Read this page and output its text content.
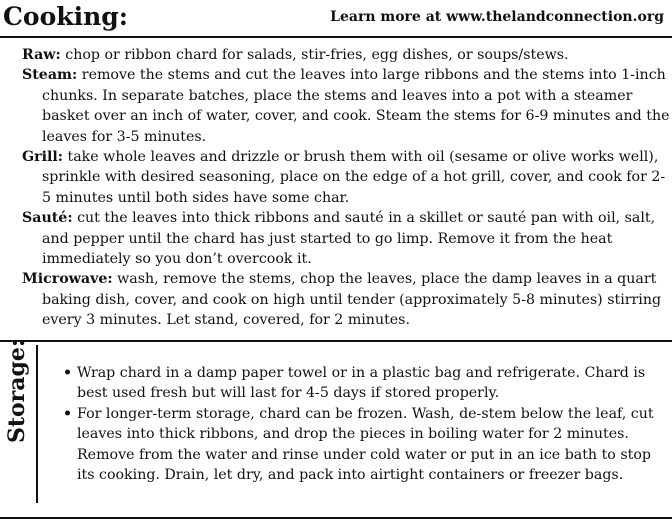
Cooking:	Learn more at www.thelandconnection.org

Raw: chop or ribbon chard for salads, stir-fries, egg dishes, or soups/stews.

Steam: remove the stems and cut the leaves into large ribbons and the stems into 1-inch chunks. In separate batches, place the stems and leaves into a pot with a steamer basket over an inch of water, cover, and cook. Steam the stems for 6-9 minutes and the leaves for 3-5 minutes.

Grill: take whole leaves and drizzle or brush them with oil (sesame or olive works well), sprinkle with desired seasoning, place on the edge of a hot grill, cover, and cook for 2-5 minutes until both sides have some char.

Sauté: cut the leaves into thick ribbons and sauté in a skillet or sauté pan with oil, salt, and pepper until the chard has just started to go limp. Remove it from the heat immediately so you don’t overcook it.

Microwave: wash, remove the stems, chop the leaves, place the damp leaves in a quart baking dish, cover, and cook on high until tender (approximately 5-8 minutes) stirring every 3 minutes. Let stand, covered, for 2 minutes.

Storage:	• Wrap chard in a damp paper towel or in a plastic bag and refrigerate. Chard is best used fresh but will last for 4-5 days if stored properly.
• For longer-term storage, chard can be frozen. Wash, de-stem below the leaf, cut leaves into thick ribbons, and drop the pieces in boiling water for 2 minutes. Remove from the water and rinse under cold water or put in an ice bath to stop its cooking. Drain, let dry, and pack into airtight containers or freezer bags.
